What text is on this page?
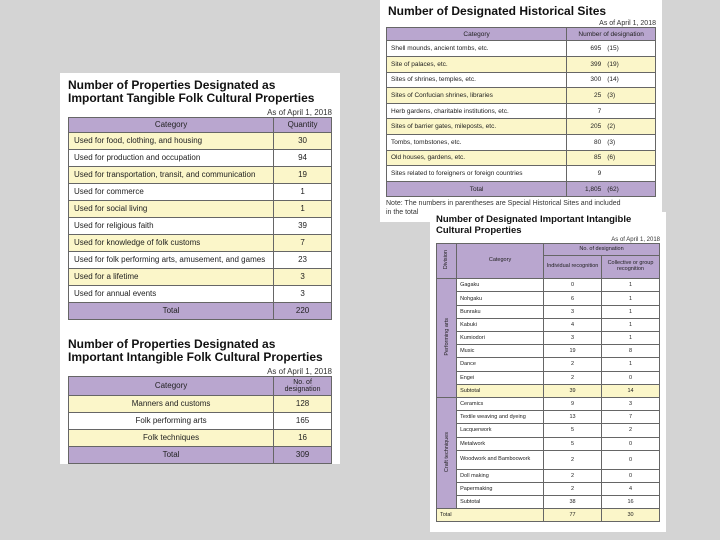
Number of Properties Designated as
Important Tangible Folk Cultural Properties
As of April 1, 2018
Category	Quantity
Used for food, clothing, and housing	30
Used for production and occupation	94
Used for transportation, transit, and communication	19
Used for commerce	1
Used for social living	1
Used for religious faith	39
Used for knowledge of folk customs	7
Used for folk performing arts, amusement, and games	23
Used for a lifetime	3
Used for annual events	3
Total	220
Number of Properties Designated as
Important Intangible Folk Cultural Properties
As of April 1, 2018
Category	No. of
designation

Manners and customs	128
Folk performing arts	165
Folk techniques	16
Total	309
Number of Designated Historical Sites
As of April 1, 2018
Category	Number of designation
Shell mounds, ancient tombs, etc.	695 (15)
Site of palaces, etc.	399 (19)
Sites of shrines, temples, etc.	300 (14)
Sites of Confucian shrines, libraries	25 (3)
Herb gardens, charitable institutions, etc.	7
Sites of barrier gates, mileposts, etc.	205 (2)
Tombs, tombstones, etc.	80 (3)
Old houses, gardens, etc.	85 (6)
Sites related to foreigners or foreign countries	9
Total	1,805 (62)
Note: The numbers in parentheses are Special Historical Sites and included
in the total
Number of Designated Important Intangible
Cultural Properties
As of April 1, 2018
Division	Category	No. of designation	
		Individual recognition	Collective or group recognition
Performing arts	Gagaku	0	1
	Nohgaku	6	1
	Bunraku	3	1
	Kabuki	4	1
	Kumiodori	3	1
	Music	19	8
	Dance	2	1
	Engei	2	0
	Subtotal	39	14
Craft techniques	Ceramics	9	3
	Textile weaving and dyeing	13	7
	Lacquerwork	5	2
	Metalwork	5	0
	Woodwork and Bamboowork	2	0
	Doll making	2	0
	Papermaking	2	4
	Subtotal	38	16
Total		77	30
